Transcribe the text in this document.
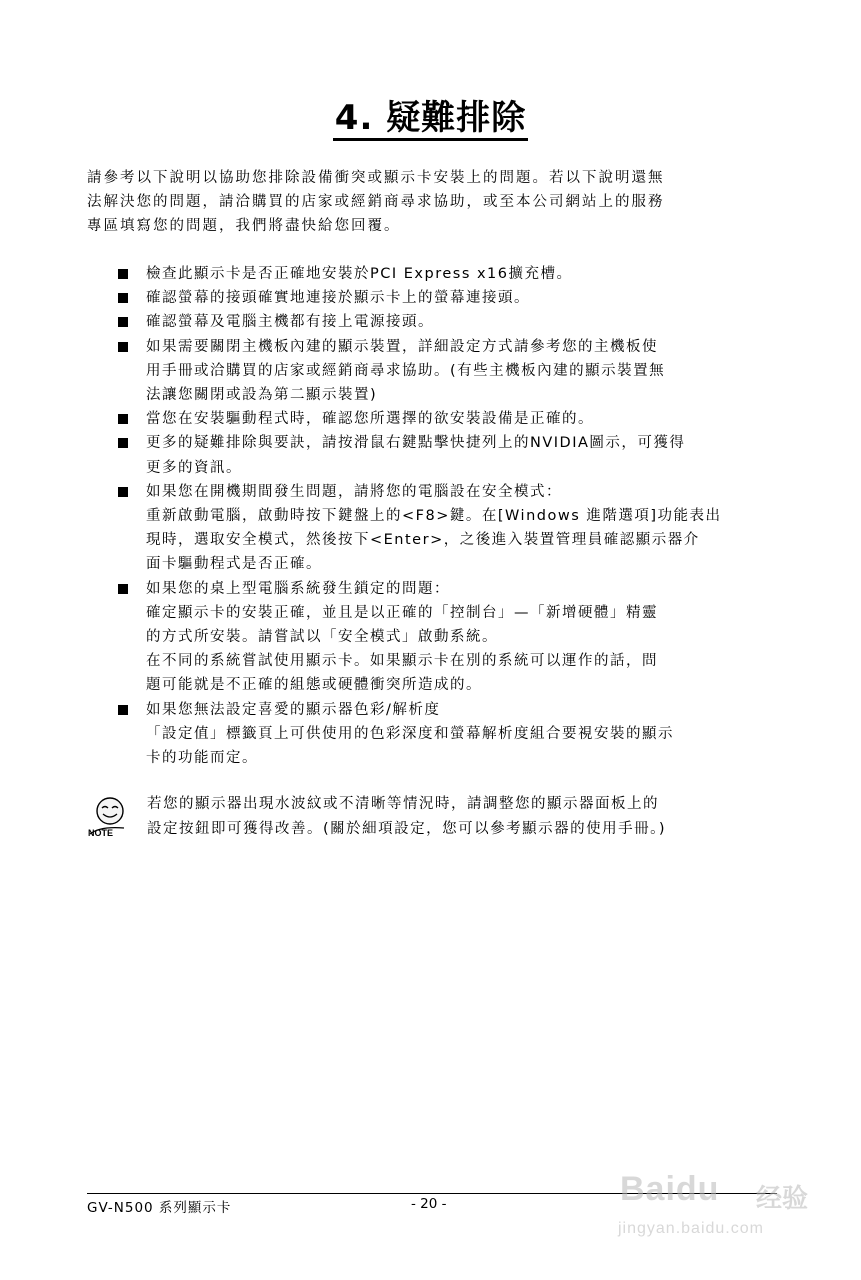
4. 疑難排除
請參考以下說明以協助您排除設備衝突或顯示卡安裝上的問題。若以下說明還無
法解決您的問題，請洽購買的店家或經銷商尋求協助，或至本公司網站上的服務
專區填寫您的問題，我們將盡快給您回覆。
檢查此顯示卡是否正確地安裝於PCI Express x16擴充槽。
確認螢幕的接頭確實地連接於顯示卡上的螢幕連接頭。
確認螢幕及電腦主機都有接上電源接頭。
如果需要關閉主機板內建的顯示裝置，詳細設定方式請參考您的主機板使
用手冊或洽購買的店家或經銷商尋求協助。(有些主機板內建的顯示裝置無
法讓您關閉或設為第二顯示裝置)
當您在安裝驅動程式時，確認您所選擇的欲安裝設備是正確的。
更多的疑難排除與要訣，請按滑鼠右鍵點擊快捷列上的NVIDIA圖示，可獲得
更多的資訊。
如果您在開機期間發生問題，請將您的電腦設在安全模式：
重新啟動電腦，啟動時按下鍵盤上的<F8>鍵。在[Windows 進階選項]功能表出
現時，選取安全模式，然後按下<Enter>，之後進入裝置管理員確認顯示器介
面卡驅動程式是否正確。
如果您的桌上型電腦系統發生鎖定的問題：
確定顯示卡的安裝正確，並且是以正確的「控制台」—「新增硬體」精靈
的方式所安裝。請嘗試以「安全模式」啟動系統。
在不同的系統嘗試使用顯示卡。如果顯示卡在別的系統可以運作的話，問
題可能就是不正確的組態或硬體衝突所造成的。
如果您無法設定喜愛的顯示器色彩/解析度
「設定值」標籤頁上可供使用的色彩深度和螢幕解析度組合要視安裝的顯示
卡的功能而定。
NOTE
若您的顯示器出現水波紋或不清晰等情況時，請調整您的顯示器面板上的
設定按鈕即可獲得改善。(關於細項設定，您可以參考顯示器的使用手冊。)
GV-N500 系列顯示卡	- 20 -	Baidu 经验
jingyan.baidu.com
